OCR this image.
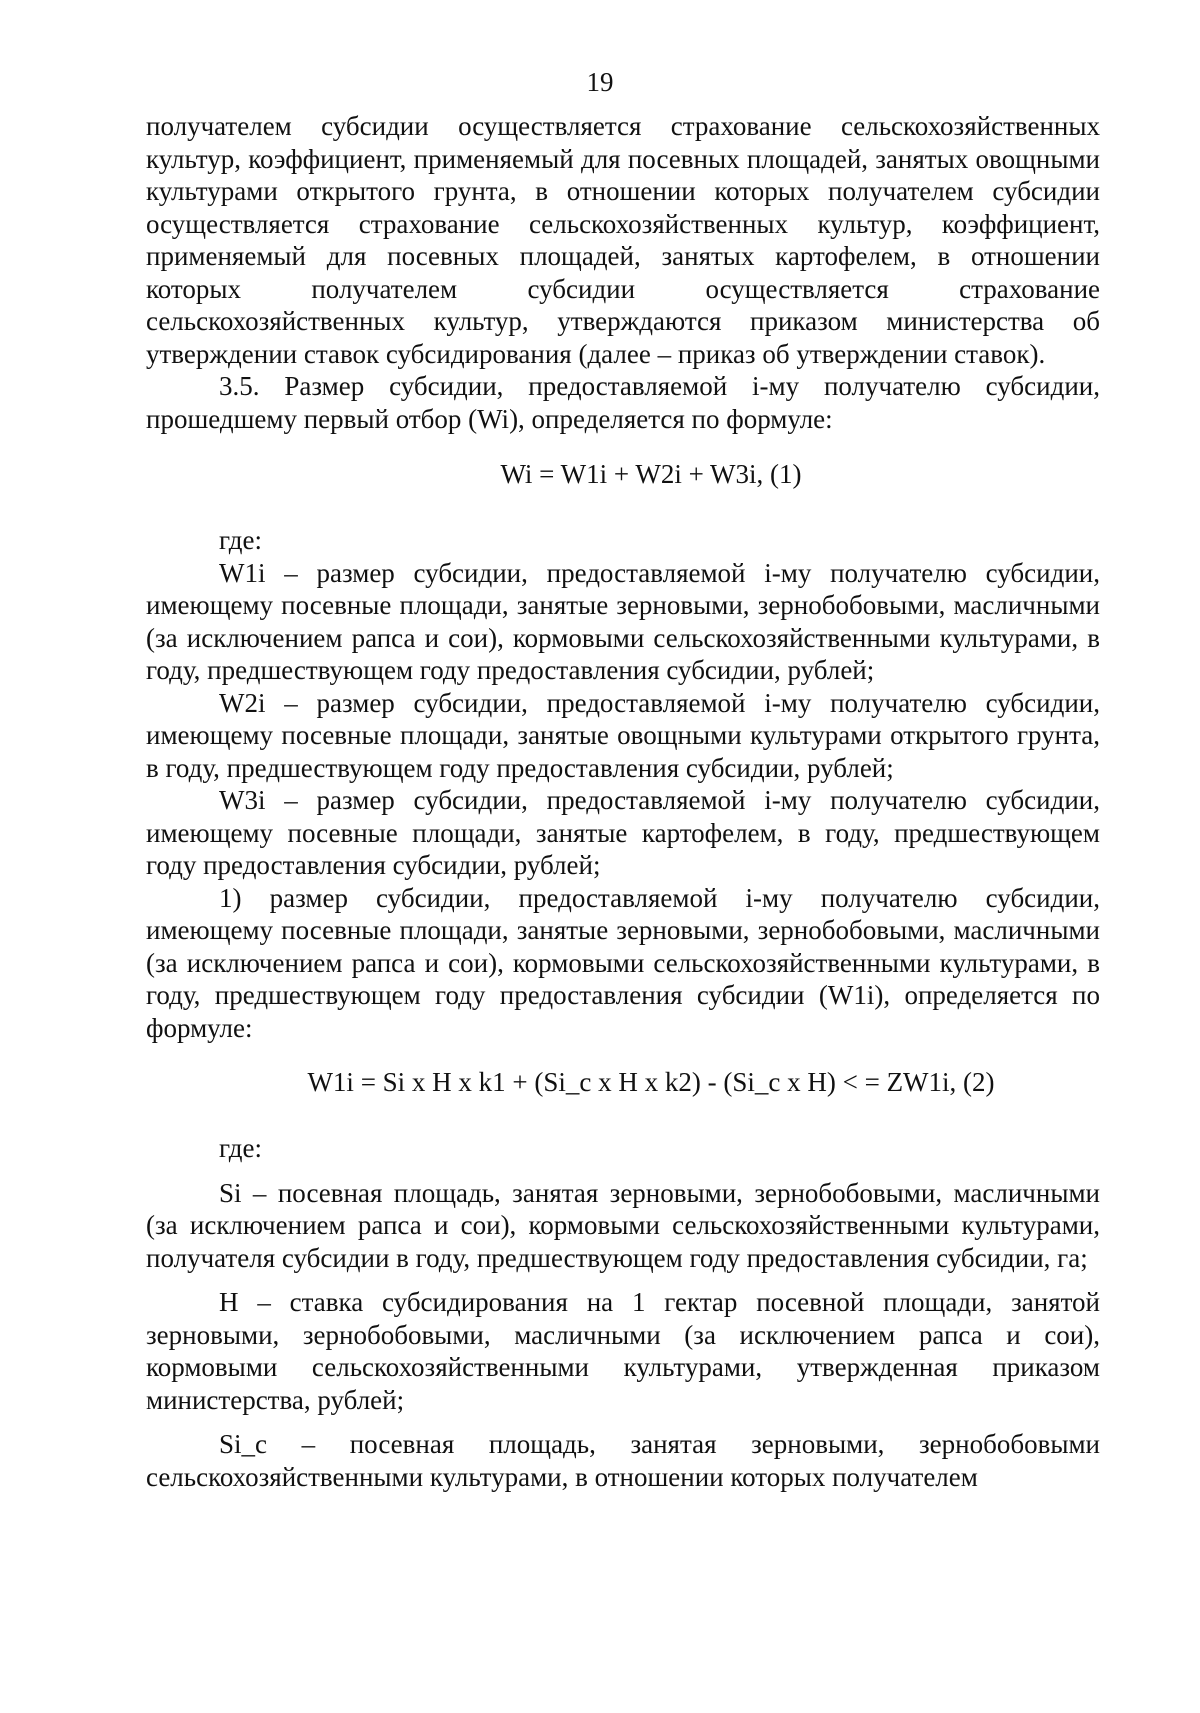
19

получателем субсидии осуществляется страхование сельскохозяйственных культур, коэффициент, применяемый для посевных площадей, занятых овощными культурами открытого грунта, в отношении которых получателем субсидии осуществляется страхование сельскохозяйственных культур, коэффициент, применяемый для посевных площадей, занятых картофелем, в отношении которых получателем субсидии осуществляется страхование сельскохозяйственных культур, утверждаются приказом министерства об утверждении ставок субсидирования (далее – приказ об утверждении ставок).

3.5. Размер субсидии, предоставляемой i-му получателю субсидии, прошедшему первый отбор (Wi), определяется по формуле:

Wi = W1i + W2i + W3i, (1)

где:

W1i – размер субсидии, предоставляемой i-му получателю субсидии, имеющему посевные площади, занятые зерновыми, зернобобовыми, масличными (за исключением рапса и сои), кормовыми сельскохозяйственными культурами, в году, предшествующем году предоставления субсидии, рублей;

W2i – размер субсидии, предоставляемой i-му получателю субсидии, имеющему посевные площади, занятые овощными культурами открытого грунта, в году, предшествующем году предоставления субсидии, рублей;

W3i – размер субсидии, предоставляемой i-му получателю субсидии, имеющему посевные площади, занятые картофелем, в году, предшествующем году предоставления субсидии, рублей;

1) размер субсидии, предоставляемой i-му получателю субсидии, имеющему посевные площади, занятые зерновыми, зернобобовыми, масличными (за исключением рапса и сои), кормовыми сельскохозяйственными культурами, в году, предшествующем году предоставления субсидии (W1i), определяется по формуле:

W1i = Si x H x k1 + (Si_c x H x k2) - (Si_c x H) < = ZW1i, (2)

где:

Si – посевная площадь, занятая зерновыми, зернобобовыми, масличными (за исключением рапса и сои), кормовыми сельскохозяйственными культурами, получателя субсидии в году, предшествующем году предоставления субсидии, га;

H – ставка субсидирования на 1 гектар посевной площади, занятой зерновыми, зернобобовыми, масличными (за исключением рапса и сои), кормовыми сельскохозяйственными культурами, утвержденная приказом министерства, рублей;

Si_c – посевная площадь, занятая зерновыми, зернобобовыми сельскохозяйственными культурами, в отношении которых получателем
